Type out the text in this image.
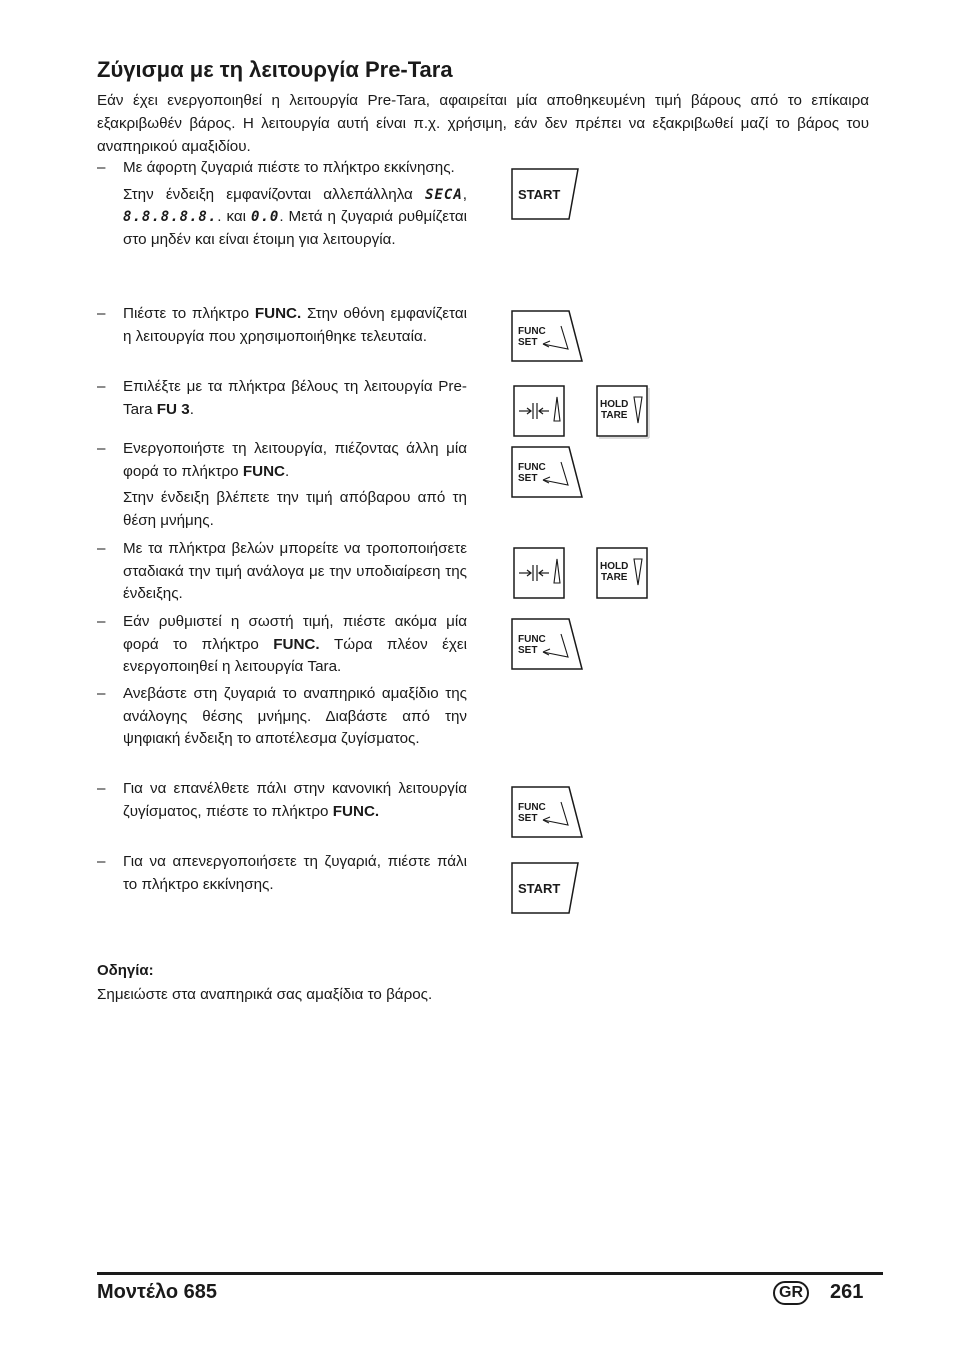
Ζύγισμα με τη λειτουργία Pre-Tara

Εάν έχει ενεργοποιηθεί η λειτουργία Pre-Tara, αφαιρείται μία αποθηκευμένη τιμή βάρους από το επίκαιρα εξακριβωθέν βάρος. Η λειτουργία αυτή είναι π.χ. χρήσιμη, εάν δεν πρέπει να εξακριβωθεί μαζί το βάρος του αναπηρικού αμαξιδίου.

– Με άφορτη ζυγαριά πιέστε το πλήκτρο εκκίνησης.
Στην ένδειξη εμφανίζονται αλλεπάλληλα SECA, 8.8.8.8.8.. και 0.0. Μετά η ζυγαριά ρυθμίζεται στο μηδέν και είναι έτοιμη για λειτουργία.
– Πιέστε το πλήκτρο FUNC. Στην οθόνη εμφανίζεται η λειτουργία που χρησιμοποιήθηκε τελευταία.
– Επιλέξτε με τα πλήκτρα βέλους τη λειτουργία Pre-Tara FU 3.
– Ενεργοποιήστε τη λειτουργία, πιέζοντας άλλη μία φορά το πλήκτρο FUNC.
Στην ένδειξη βλέπετε την τιμή απόβαρου από τη θέση μνήμης.
– Με τα πλήκτρα βελών μπορείτε να τροποποιήσετε σταδιακά την τιμή ανάλογα με την υποδιαίρεση της ένδειξης.
– Εάν ρυθμιστεί η σωστή τιμή, πιέστε ακόμα μία φορά το πλήκτρο FUNC. Τώρα πλέον έχει ενεργοποιηθεί η λειτουργία Tara.
– Ανεβάστε στη ζυγαριά το αναπηρικό αμαξίδιο της ανάλογης θέσης μνήμης. Διαβάστε από την ψηφιακή ένδειξη το αποτέλεσμα ζυγίσματος.
– Για να επανέλθετε πάλι στην κανονική λειτουργία ζυγίσματος, πιέστε το πλήκτρο FUNC.
– Για να απενεργοποιήσετε τη ζυγαριά, πιέστε πάλι το πλήκτρο εκκίνησης.
START
FUNC
SET
HOLD
TARE
FUNC
SET
HOLD
TARE
FUNC
SET
FUNC
SET
START
Οδηγία:
Σημειώστε στα αναπηρικά σας αμαξίδια το βάρος.
Μοντέλο 685	GR	261
